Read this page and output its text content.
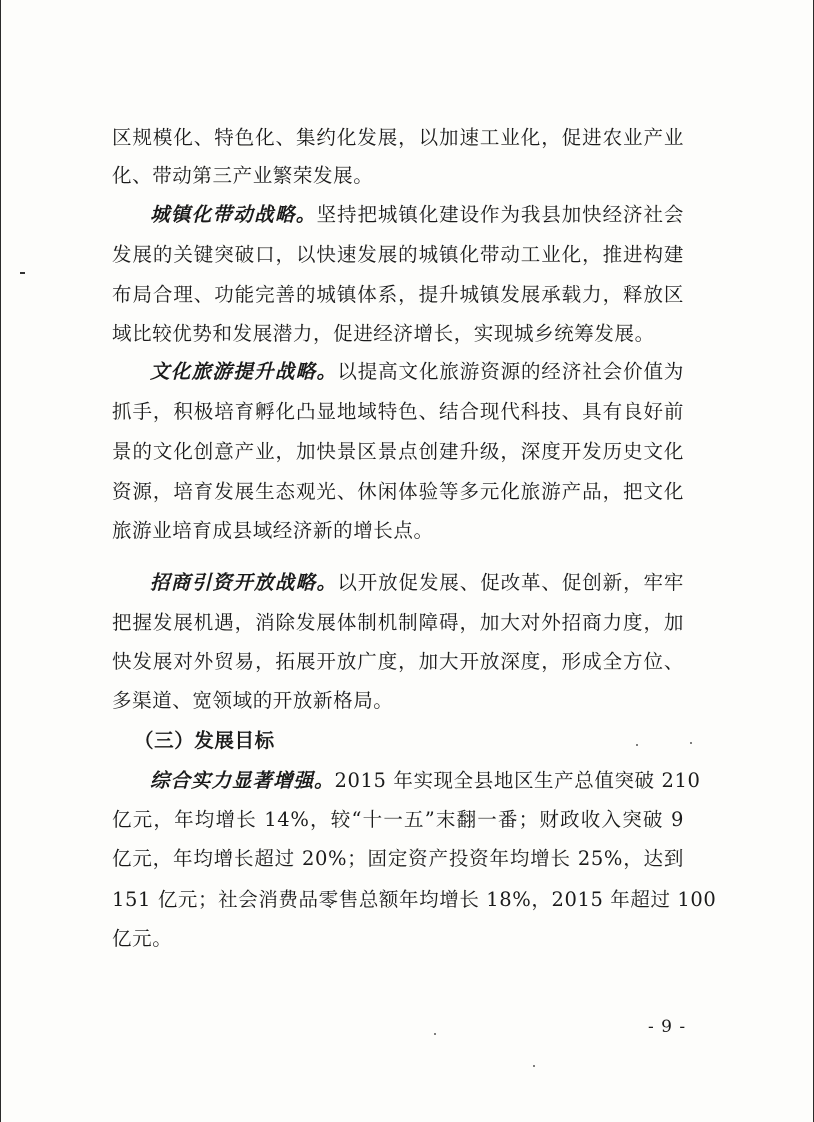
区规模化、特色化、集约化发展，以加速工业化，促进农业产业
化、带动第三产业繁荣发展。
城镇化带动战略。坚持把城镇化建设作为我县加快经济社会
发展的关键突破口，以快速发展的城镇化带动工业化，推进构建
布局合理、功能完善的城镇体系，提升城镇发展承载力，释放区
域比较优势和发展潜力，促进经济增长，实现城乡统筹发展。
文化旅游提升战略。以提高文化旅游资源的经济社会价值为
抓手，积极培育孵化凸显地域特色、结合现代科技、具有良好前
景的文化创意产业，加快景区景点创建升级，深度开发历史文化
资源，培育发展生态观光、休闲体验等多元化旅游产品，把文化
旅游业培育成县域经济新的增长点。
招商引资开放战略。以开放促发展、促改革、促创新，牢牢
把握发展机遇，消除发展体制机制障碍，加大对外招商力度，加
快发展对外贸易，拓展开放广度，加大开放深度，形成全方位、
多渠道、宽领域的开放新格局。
（三）发展目标
综合实力显著增强。2015 年实现全县地区生产总值突破 210
亿元，年均增长 14%，较“十一五”末翻一番；财政收入突破 9
亿元，年均增长超过 20%；固定资产投资年均增长 25%，达到
151 亿元；社会消费品零售总额年均增长 18%，2015 年超过 100
亿元。
- 9 -
